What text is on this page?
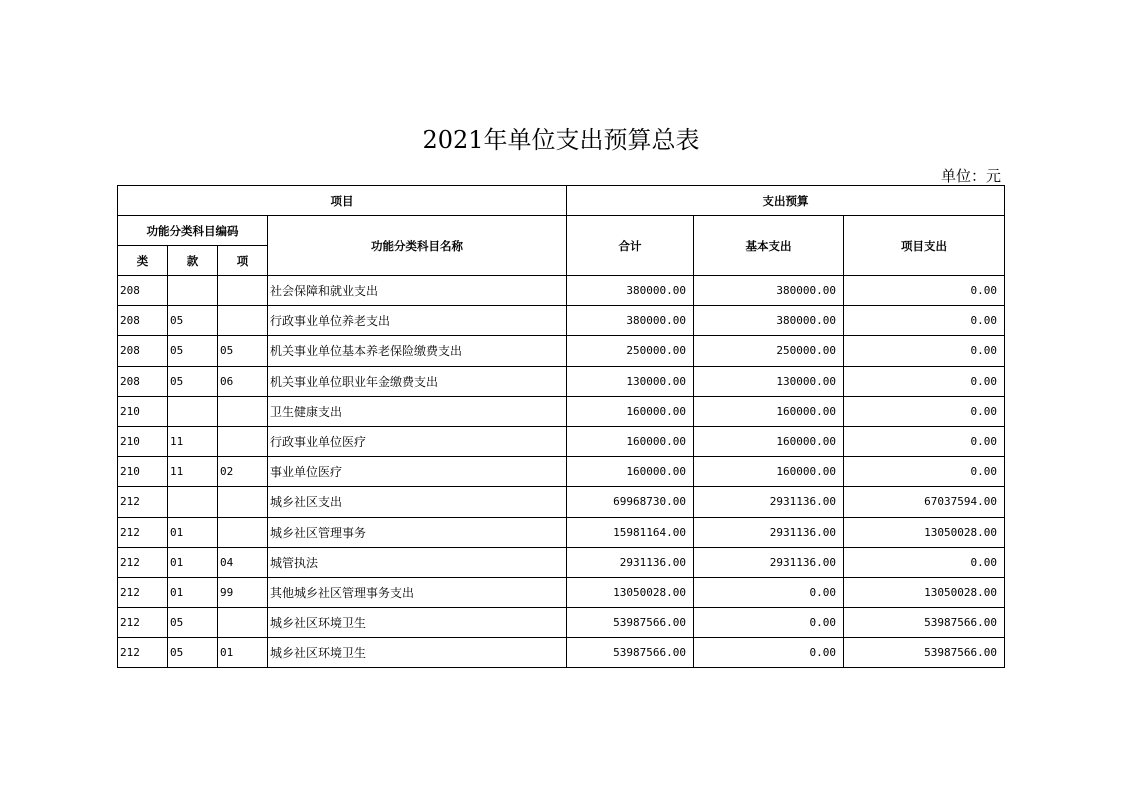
2021年单位支出预算总表
单位：元
项目				支出预算		
功能分类科目编码			功能分类科目名称	合计	基本支出	项目支出
类	款	项				
208			社会保障和就业支出	380000.00	380000.00	0.00
208	05		行政事业单位养老支出	380000.00	380000.00	0.00
208	05	05	机关事业单位基本养老保险缴费支出	250000.00	250000.00	0.00
208	05	06	机关事业单位职业年金缴费支出	130000.00	130000.00	0.00
210			卫生健康支出	160000.00	160000.00	0.00
210	11		行政事业单位医疗	160000.00	160000.00	0.00
210	11	02	事业单位医疗	160000.00	160000.00	0.00
212			城乡社区支出	69968730.00	2931136.00	67037594.00
212	01		城乡社区管理事务	15981164.00	2931136.00	13050028.00
212	01	04	城管执法	2931136.00	2931136.00	0.00
212	01	99	其他城乡社区管理事务支出	13050028.00	0.00	13050028.00
212	05		城乡社区环境卫生	53987566.00	0.00	53987566.00
212	05	01	城乡社区环境卫生	53987566.00	0.00	53987566.00
